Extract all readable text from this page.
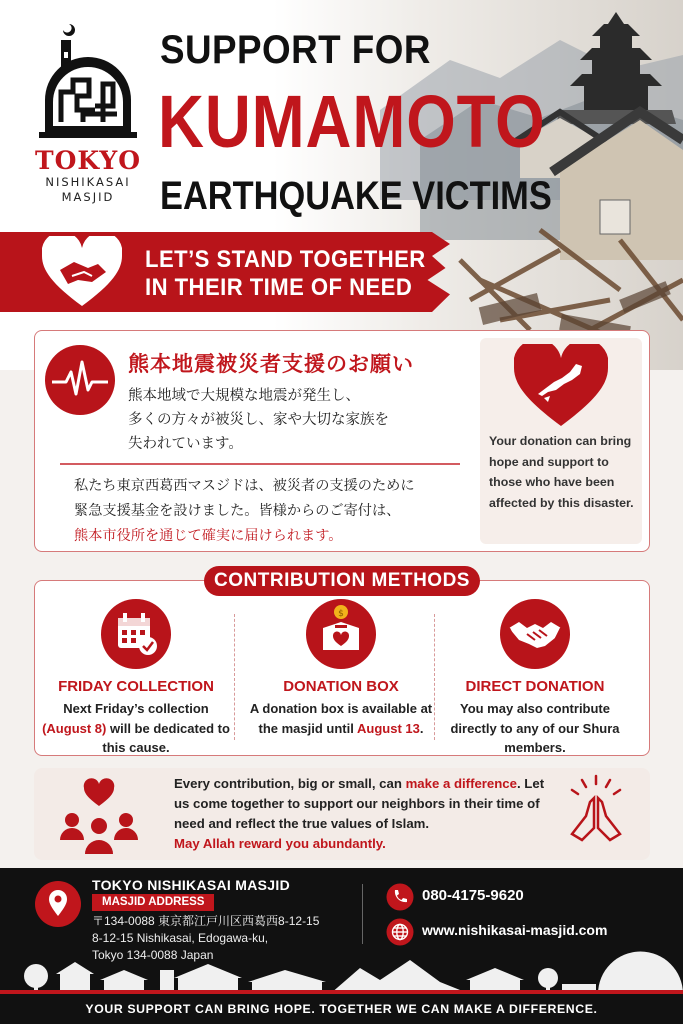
TOKYO
NISHIKASAI
MASJID
SUPPORT FOR
KUMAMOTO
EARTHQUAKE VICTIMS
LET’S STAND TOGETHER
IN THEIR TIME OF NEED
熊本地震被災者支援のお願い
熊本地域で大規模な地震が発生し、
多くの方々が被災し、家や大切な家族を
失われています。
私たち東京西葛西マスジドは、被災者の支援のために
緊急支援基金を設けました。皆様からのご寄付は、
熊本市役所を通じて確実に届けられます。
Your donation can bring hope and support to those who have been affected by this disaster.
CONTRIBUTION METHODS
FRIDAY COLLECTION
Next Friday’s collection
(August 8) will be dedicated to this cause.
$
DONATION BOX
A donation box is available at the masjid until August 13.
DIRECT DONATION
You may also contribute directly to any of our Shura members.
Every contribution, big or small, can make a difference. Let us come together to support our neighbors in their time of need and reflect the true values of Islam.
May Allah reward you abundantly.
TOKYO NISHIKASAI MASJID
MASJID ADDRESS
〒134-0088 東京都江戸川区西葛西8-12-15
8-12-15 Nishikasai, Edogawa-ku,
Tokyo 134-0088 Japan
080-4175-9620
www.nishikasai-masjid.com
YOUR SUPPORT CAN BRING HOPE. TOGETHER WE CAN MAKE A DIFFERENCE.
